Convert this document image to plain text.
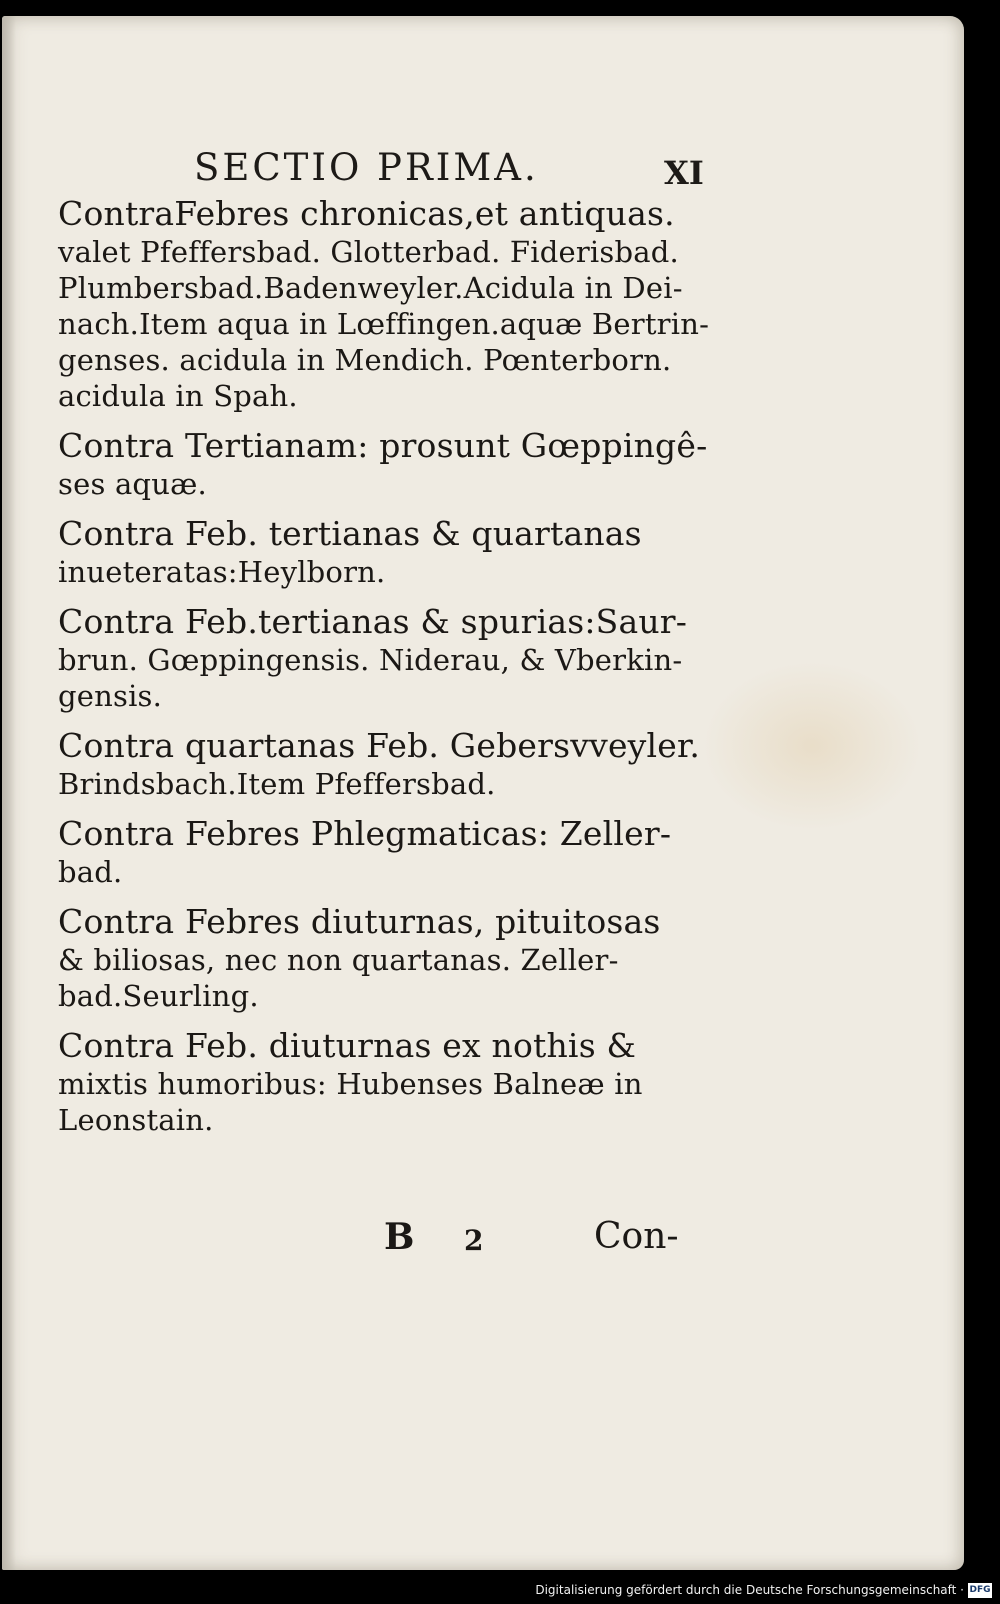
SECTIO PRIMA.	XI
ContraFebres chronicas,et antiquas.
valet Pfeffersbad. Glotterbad. Fiderisbad.
Plumbersbad.Badenweyler.Acidula in Dei-
nach.Item aqua in Lœffingen.aquæ Bertrin-
genses. acidula in Mendich. Pœnterborn.
acidula in Spah.
Contra Tertianam: prosunt Gœppingê-
ses aquæ.
Contra Feb. tertianas & quartanas
inueteratas:Heylborn.
Contra Feb.tertianas & spurias:Saur-
brun. Gœppingensis. Niderau, & Vberkin-
gensis.
Contra quartanas Feb. Gebersvveyler.
Brindsbach.Item Pfeffersbad.
Contra Febres Phlegmaticas: Zeller-
bad.
Contra Febres diuturnas, pituitosas
& biliosas, nec non quartanas. Zeller-
bad.Seurling.
Contra Feb. diuturnas ex nothis &
mixtis humoribus: Hubenses Balneæ in
Leonstain.
B 2	Con-
Digitalisierung gefördert durch die Deutsche Forschungsgemeinschaft · DFG
